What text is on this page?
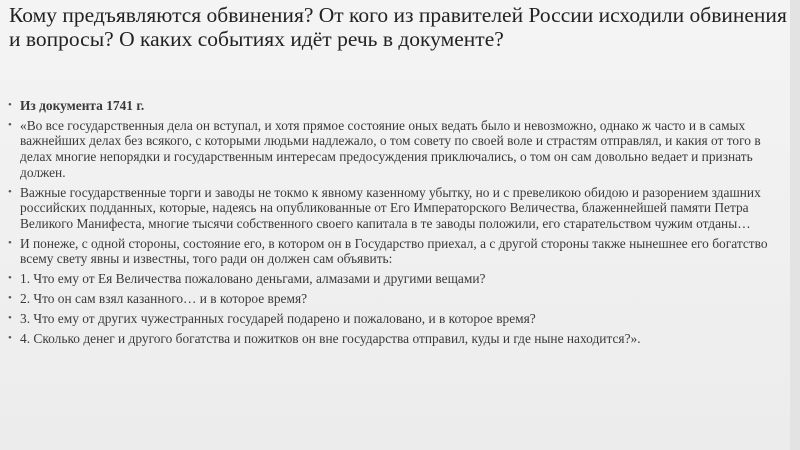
Кому предъявляются обвинения? От кого из правителей России исходили обвинения и вопросы? О каких событиях идёт речь в документе?
• Из документа 1741 г.
• «Во все государственныя дела он вступал, и хотя прямое состояние оных ведать было и невозможно, однако ж часто и в самых важнейших делах без всякого, с которыми людьми надлежало, о том совету по своей воле и страстям отправлял, и какия от того в делах многие непорядки и государственным интересам предосуждения приключались, о том он сам довольно ведает и признать должен.
• Важные государственные торги и заводы не токмо к явному казенному убытку, но и с превеликою обидою и разорением здашних российских подданных, которые, надеясь на опубликованные от Его Императорского Величества, блаженнейшей памяти Петра Великого Манифеста, многие тысячи собственного своего капитала в те заводы положили, его старательством чужим отданы…
• И понеже, с одной стороны, состояние его, в котором он в Государство приехал, а с другой стороны также нынешнее его богатство всему свету явны и известны, того ради он должен сам объявить:
• 1. Что ему от Ея Величества пожаловано деньгами, алмазами и другими вещами?
• 2. Что он сам взял казанного… и в которое время?
• 3. Что ему от других чужестранных государей подарено и пожаловано, и в которое время?
• 4. Сколько денег и другого богатства и пожитков он вне государства отправил, куды и где ныне находится?».
